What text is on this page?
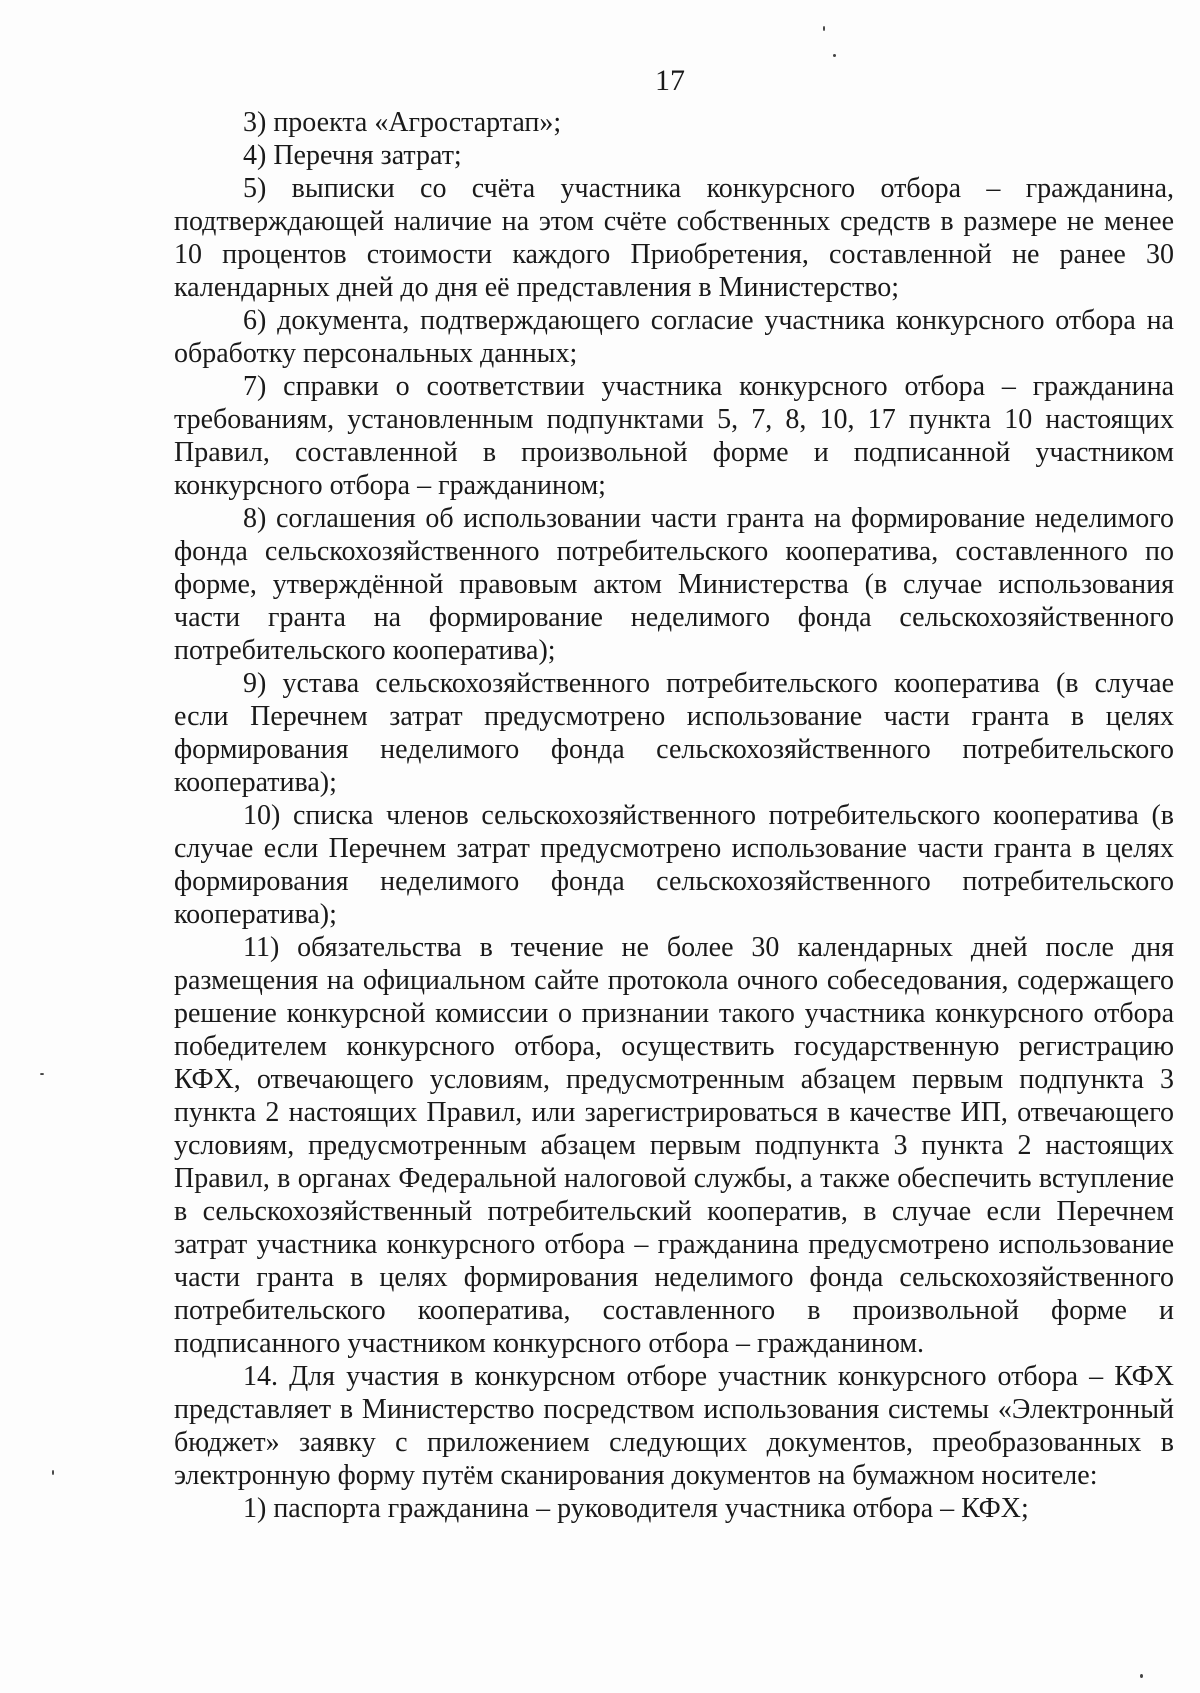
17

3) проекта «Агростартап»;

4) Перечня затрат;

5) выписки со счёта участника конкурсного отбора – гражданина, подтверждающей наличие на этом счёте собственных средств в размере не менее 10 процентов стоимости каждого Приобретения, составленной не ранее 30 календарных дней до дня её представления в Министерство;

6) документа, подтверждающего согласие участника конкурсного отбора на обработку персональных данных;

7) справки о соответствии участника конкурсного отбора – гражданина требованиям, установленным подпунктами 5, 7, 8, 10, 17 пункта 10 настоящих Правил, составленной в произвольной форме и подписанной участником конкурсного отбора – гражданином;

8) соглашения об использовании части гранта на формирование неделимого фонда сельскохозяйственного потребительского кооператива, составленного по форме, утверждённой правовым актом Министерства (в случае использования части гранта на формирование неделимого фонда сельскохозяйственного потребительского кооператива);

9) устава сельскохозяйственного потребительского кооператива (в случае если Перечнем затрат предусмотрено использование части гранта в целях формирования неделимого фонда сельскохозяйственного потребительского кооператива);

10) списка членов сельскохозяйственного потребительского кооператива (в случае если Перечнем затрат предусмотрено использование части гранта в целях формирования неделимого фонда сельскохозяйственного потребительского кооператива);

11) обязательства в течение не более 30 календарных дней после дня размещения на официальном сайте протокола очного собеседования, содержащего решение конкурсной комиссии о признании такого участника конкурсного отбора победителем конкурсного отбора, осуществить государственную регистрацию КФХ, отвечающего условиям, предусмотренным абзацем первым подпункта 3 пункта 2 настоящих Правил, или зарегистрироваться в качестве ИП, отвечающего условиям, предусмотренным абзацем первым подпункта 3 пункта 2 настоящих Правил, в органах Федеральной налоговой службы, а также обеспечить вступление в сельскохозяйственный потребительский кооператив, в случае если Перечнем затрат участника конкурсного отбора – гражданина предусмотрено использование части гранта в целях формирования неделимого фонда сельскохозяйственного потребительского кооператива, составленного в произвольной форме и подписанного участником конкурсного отбора – гражданином.

14. Для участия в конкурсном отборе участник конкурсного отбора – КФХ представляет в Министерство посредством использования системы «Электронный бюджет» заявку с приложением следующих документов, преобразованных в электронную форму путём сканирования документов на бумажном носителе:

1) паспорта гражданина – руководителя участника отбора – КФХ;
